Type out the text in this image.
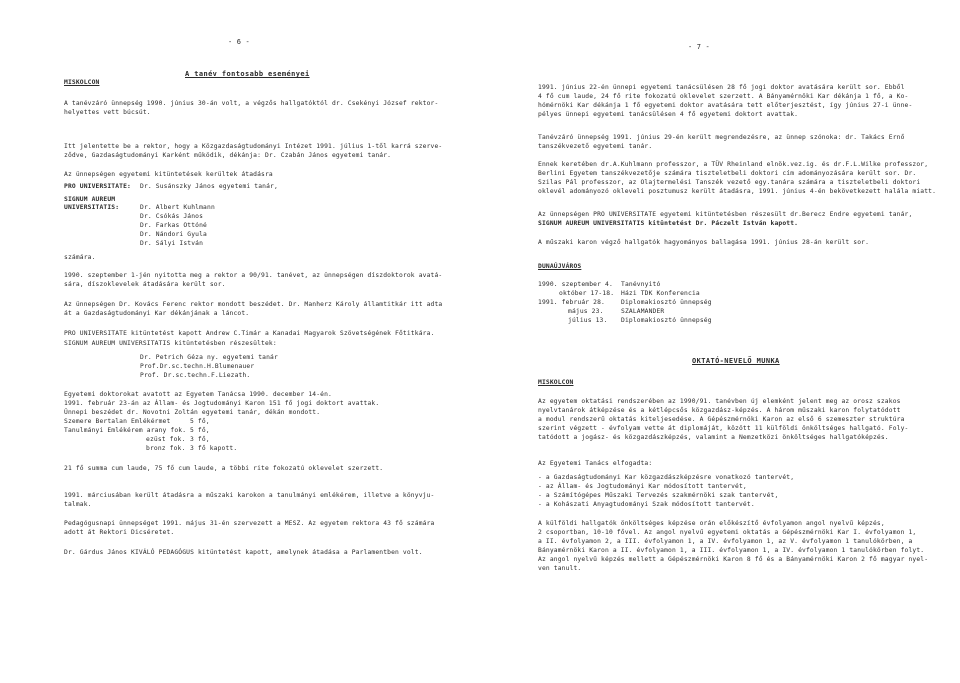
- 6 -
A tanév fontosabb eseményei
MISKOLCON
A tanévzáró ünnepség 1990. június 30-án volt, a végzős hallgatóktól dr. Csekényi József rektor-
helyettes vett búcsút.
Itt jelentette be a rektor, hogy a Közgazdaságtudományi Intézet 1991. július 1-től karrá szerve-
ződve, Gazdaságtudományi Karként működik, dékánja: Dr. Czabán János egyetemi tanár.
Az ünnepségen egyetemi kitüntetések kerültek átadásra
PRO UNIVERSITATE: Dr. Susánszky János egyetemi tanár,
SIGNUM AUREUM
UNIVERSITATIS:	Dr. Albert Kuhlmann
Dr. Csókás János
Dr. Farkas Ottóné
Dr. Nándori Gyula
Dr. Sályi István
számára.
1990. szeptember 1-jén nyitotta meg a rektor a 90/91. tanévet, az ünnepségen díszdoktorok avatá-
sára, díszoklevelek átadására került sor.
Az ünnepségen Dr. Kovács Ferenc rektor mondott beszédet. Dr. Manherz Károly államtitkár itt adta
át a Gazdaságtudományi Kar dékánjának a láncot.
PRO UNIVERSITATE kitüntetést kapott Andrew C.Timár a Kanadai Magyarok Szövetségének Főtitkára.
SIGNUM AUREUM UNIVERSITATIS kitüntetésben részesültek:
Dr. Petrich Géza ny. egyetemi tanár
Prof.Dr.sc.techn.H.Blumenauer
Prof. Dr.sc.techn.F.Liezath.
Egyetemi doktorokat avatott az Egyetem Tanácsa 1990. december 14-én.
1991. február 23-án az Állam- és Jogtudományi Karon 151 fő jogi doktort avattak.
Ünnepi beszédet dr. Novotni Zoltán egyetemi tanár, dékán mondott.
Szemere Bertalan Emlékérmet	5 fő,
Tanulmányi Emlékérem arany fok. 5 fő,
ezüst fok. 3 fő,
bronz fok. 3 fő kapott.
21 fő summa cum laude, 75 fő cum laude, a többi rite fokozatú oklevelet szerzett.
1991. márciusában került átadásra a műszaki karokon a tanulmányi emlékérem, illetve a könyvju-
talmak.
Pedagógusnapi ünnepséget 1991. május 31-én szervezett a MESZ. Az egyetem rektora 43 fő számára
adott át Rektori Dicséretet.
Dr. Gárdus János KIVÁLÓ PEDAGÓGUS kitüntetést kapott, amelynek átadása a Parlamentben volt.
- 7 -
1991. június 22-én ünnepi egyetemi tanácsülésen 28 fő jogi doktor avatására került sor. Ebből
4 fő cum laude, 24 fő rite fokozatú oklevelet szerzett. A Bányamérnöki Kar dékánja 1 fő, a Ko-
hómérnöki Kar dékánja 1 fő egyetemi doktor avatására tett előterjesztést, így június 27-i ünne-
pélyes ünnepi egyetemi tanácsülésen 4 fő egyetemi doktort avattak.
Tanévzáró ünnepség 1991. június 29-én került megrendezésre, az ünnep szónoka: dr. Takács Ernő
tanszékvezető egyetemi tanár.
Ennek keretében dr.A.Kuhlmann professzor, a TÜV Rheinland elnök.vez.ig. és dr.F.L.Wilke professzor,
Berlini Egyetem tanszékvezetője számára tiszteletbeli doktori cím adományozására került sor. Dr.
Szilas Pál professzor, az Olajtermelési Tanszék vezető egy.tanára számára a tiszteletbeli doktori
oklevél adományozó okleveli posztumusz került átadásra, 1991. június 4-én bekövetkezett halála miatt.
Az ünnepségen PRO UNIVERSITATE egyetemi kitüntetésben részesült dr.Berecz Endre egyetemi tanár,
SIGNUM AUREUM UNIVERSITATIS kitüntetést Dr. Páczelt István kapott.
A műszaki karon végző hallgatók hagyományos ballagása 1991. június 28-án került sor.
DUNAÚJVÁROS
1990. szeptember 4. Tanévnyitó
október 17-18. Házi TDK Konferencia
1991. február 28.	Diplomakiosztó ünnepség
május 23.	SZALAMANDER
július 13. Diplomakiosztó ünnepség
OKTATÓ-NEVELŐ MUNKA
MISKOLCON
Az egyetem oktatási rendszerében az 1990/91. tanévben új elemként jelent meg az orosz szakos
nyelvtanárok átképzése és a kétlépcsős közgazdász-képzés. A három műszaki karon folytatódott
a modul rendszerű oktatás kiteljesedése. A Gépészmérnöki Karon az első 6 szemeszter struktúra
szerint végzett - évfolyam vette át diplomáját, között 11 külföldi önköltséges hallgató. Foly-
tatódott a jogász- és közgazdászképzés, valamint a Nemzetközi önköltséges hallgatóképzés.
Az Egyetemi Tanács elfogadta:
- a Gazdaságtudományi Kar közgazdászképzésre vonatkozó tantervét,
- az Állam- és Jogtudományi Kar módosított tantervét,
- a Számítógépes Műszaki Tervezés szakmérnöki szak tantervét,
- a Kohászati Anyagtudományi Szak módosított tantervét.
A külföldi hallgatók önköltséges képzése orán előkészítő évfolyamon angol nyelvű képzés,
2 csoportban, 10-10 fővel. Az angol nyelvű egyetemi oktatás a Gépészmérnöki Kar I. évfolyamon 1,
a II. évfolyamon 2, a III. évfolyamon 1, a IV. évfolyamon 1, az V. évfolyamon 1 tanulókörben, a
Bányamérnöki Karon a II. évfolyamon 1, a III. évfolyamon 1, a IV. évfolyamon 1 tanulókörben folyt.
Az angol nyelvű képzés mellett a Gépészmérnöki Karon 8 fő és a Bányamérnöki Karon 2 fő magyar nyel-
ven tanult.
